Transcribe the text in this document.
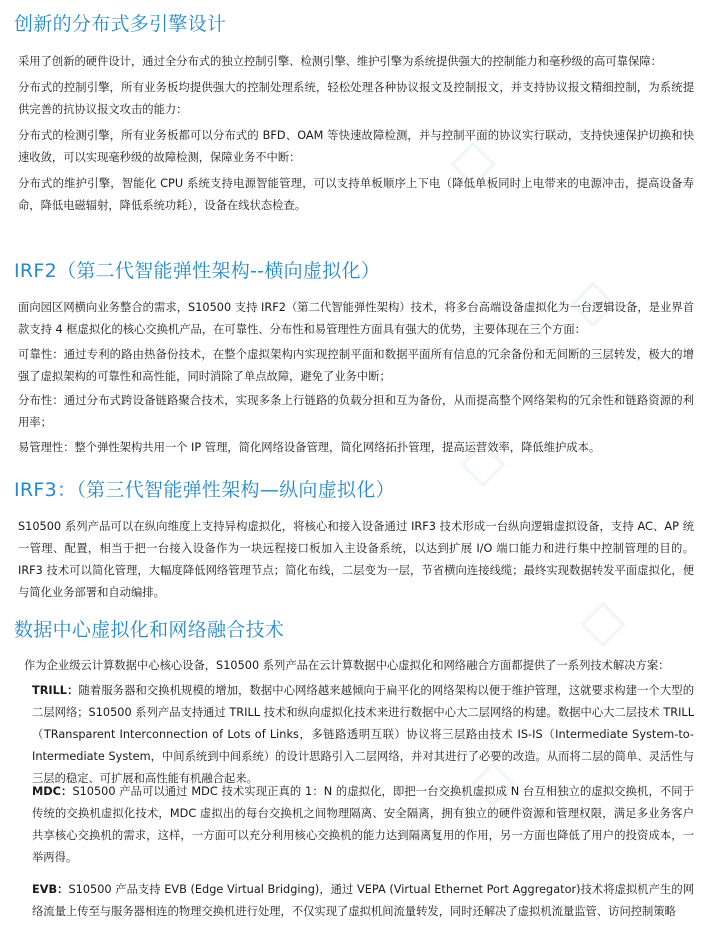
◇
◇
◇
◇
◇
创新的分布式多引擎设计

采用了创新的硬件设计，通过全分布式的独立控制引擎、检测引擎、维护引擎为系统提供强大的控制能力和毫秒级的高可靠保障：

分布式的控制引擎，所有业务板均提供强大的控制处理系统，轻松处理各种协议报文及控制报文，并支持协议报文精细控制，为系统提供完善的抗协议报文攻击的能力：

分布式的检测引擎，所有业务板都可以分布式的 BFD、OAM 等快速故障检测，并与控制平面的协议实行联动，支持快速保护切换和快速收敛，可以实现毫秒级的故障检测，保障业务不中断：

分布式的维护引擎，智能化 CPU 系统支持电源智能管理，可以支持单板顺序上下电（降低单板同时上电带来的电源冲击，提高设备寿命，降低电磁辐射，降低系统功耗），设备在线状态检查。

IRF2（第二代智能弹性架构--横向虚拟化）

面向园区网横向业务整合的需求，S10500 支持 IRF2（第二代智能弹性架构）技术，将多台高端设备虚拟化为一台逻辑设备，是业界首款支持 4 框虚拟化的核心交换机产品，在可靠性、分布性和易管理性方面具有强大的优势，主要体现在三个方面：

可靠性：通过专利的路由热备份技术，在整个虚拟架构内实现控制平面和数据平面所有信息的冗余备份和无间断的三层转发，极大的增强了虚拟架构的可靠性和高性能，同时消除了单点故障，避免了业务中断；

分布性：通过分布式跨设备链路聚合技术，实现多条上行链路的负载分担和互为备份，从而提高整个网络架构的冗余性和链路资源的利用率；

易管理性：整个弹性架构共用一个 IP 管理，简化网络设备管理，简化网络拓扑管理，提高运营效率，降低维护成本。

IRF3：（第三代智能弹性架构—纵向虚拟化）

S10500 系列产品可以在纵向维度上支持异构虚拟化，将核心和接入设备通过 IRF3 技术形成一台纵向逻辑虚拟设备，支持 AC、AP 统一管理、配置，相当于把一台接入设备作为一块远程接口板加入主设备系统，以达到扩展 I/O 端口能力和进行集中控制管理的目的。IRF3 技术可以简化管理，大幅度降低网络管理节点；简化布线，二层变为一层，节省横向连接线缆；最终实现数据转发平面虚拟化，便与简化业务部署和自动编排。

数据中心虚拟化和网络融合技术

作为企业级云计算数据中心核心设备，S10500 系列产品在云计算数据中心虚拟化和网络融合方面都提供了一系列技术解决方案：

TRILL：随着服务器和交换机规模的增加，数据中心网络越来越倾向于扁平化的网络架构以便于维护管理，这就要求构建一个大型的二层网络；S10500 系列产品支持通过 TRILL 技术和纵向虚拟化技术来进行数据中心大二层网络的构建。数据中心大二层技术 TRILL（TRansparent Interconnection of Lots of Links，多链路透明互联）协议将三层路由技术 IS-IS（Intermediate System-to-Intermediate System，中间系统到中间系统）的设计思路引入二层网络，并对其进行了必要的改造。从而将二层的简单、灵活性与三层的稳定、可扩展和高性能有机融合起来。

MDC：S10500 产品可以通过 MDC 技术实现正真的 1：N 的虚拟化，即把一台交换机虚拟成 N 台互相独立的虚拟交换机，不同于传统的交换机虚拟化技术，MDC 虚拟出的每台交换机之间物理隔离、安全隔离，拥有独立的硬件资源和管理权限，满足多业务客户共享核心交换机的需求，这样，一方面可以充分利用核心交换机的能力达到隔离复用的作用，另一方面也降低了用户的投资成本，一举两得。

EVB：S10500 产品支持 EVB (Edge Virtual Bridging)，通过 VEPA (Virtual Ethernet Port Aggregator)技术将虚拟机产生的网络流量上传至与服务器相连的物理交换机进行处理，不仅实现了虚拟机间流量转发，同时还解决了虚拟机流量监管、访问控制策略
